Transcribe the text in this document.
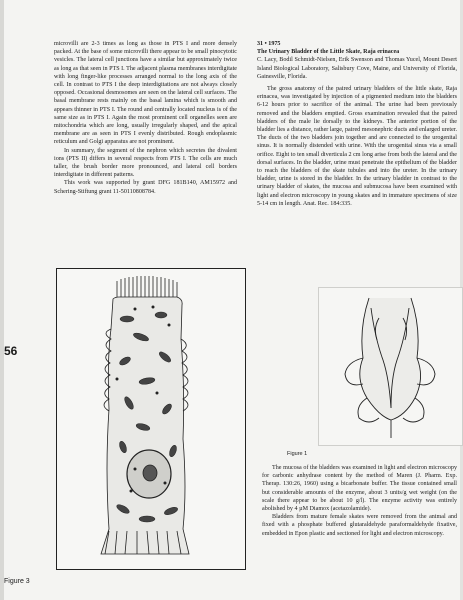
microvilli are 2-3 times as long as those in PTS I and more densely packed. At the base of some microvilli there appear to be small pinocytotic vesicles. The lateral cell junctions have a similar but approximately twice as long as that seen in PTS I. The adjacent plasma membranes interdigitate with long finger-like processes arranged normal to the long axis of the cell. In contrast to PTS I the deep interdigitations are not always closely opposed. Occasional desmosomes are seen on the lateral cell surfaces. The basal membrane rests mainly on the basal lamina which is smooth and appears thinner in PTS I. The round and centrally located nucleus is of the same size as in PTS I. Again the most prominent cell organelles seen are mitochondria which are long, usually irregularly shaped, and the apical membrane are as seen in PTS I evenly distributed. Rough endoplasmic reticulum and Golgi apparatus are not prominent.

In summary, the segment of the nephron which secretes the divalent ions (PTS II) differs in several respects from PTS I. The cells are much taller, the brush border more pronounced, and lateral cell borders interdigitate in different patterns.

This work was supported by grant DFG 181B140, AM15972 and Schering-Stiftung grant 11-50110808784.

31 • 1975

The Urinary Bladder of the Little Skate, Raja erinacea

C. Lacy, Bodil Schmidt-Nielsen, Erik Swenson and Thomas Yucel, Mount Desert Island Biological Laboratory, Salisbury Cove, Maine, and University of Florida, Gainesville, Florida.

The gross anatomy of the paired urinary bladders of the little skate, Raja erinacea, was investigated by injection of a pigmented medium into the bladders 6-12 hours prior to sacrifice of the animal. The urine had been previously removed and the bladders emptied. Gross examination revealed that the paired bladders of the male lie dorsally to the kidneys. The anterior portion of the bladder lies a distance, rather large, paired mesonephric ducts and enlarged ureter. The ducts of the two bladders join together and are connected to the urogenital sinus. It is normally distended with urine. With the urogenital sinus via a small orifice. Eight to ten small diverticula 2 cm long arise from both the lateral and the dorsal surfaces. In the bladder, urine must penetrate the epithelium of the bladder to reach the bladders of the skate tubules and into the ureter. In the urinary bladder, urine is stored in the bladder. In the urinary bladder in contrast to the urinary bladder of skates, the mucosa and submucosa have been examined with light and electron microscopy in young skates and in immature specimens of size 5-14 cm in length. Anat. Rec. 184:335.

56
Figure 1

The mucosa of the bladders was examined in light and electron microscopy for carbonic anhydrase content by the method of Maren (J. Pharm. Exp. Therap. 130:26, 1960) using a bicarbonate buffer. The tissue contained small but considerable amounts of the enzyme, about 3 units/g wet weight (on the scale there appear to be about 10 g/l). The enzyme activity was entirely abolished by 4 µM Diamox (acetazolamide).

Bladders from mature female skates were removed from the animal and fixed with a phosphate buffered glutaraldehyde paraformaldehyde fixative, embedded in Epon plastic and sectioned for light and electron microscopy.

Figure 3
